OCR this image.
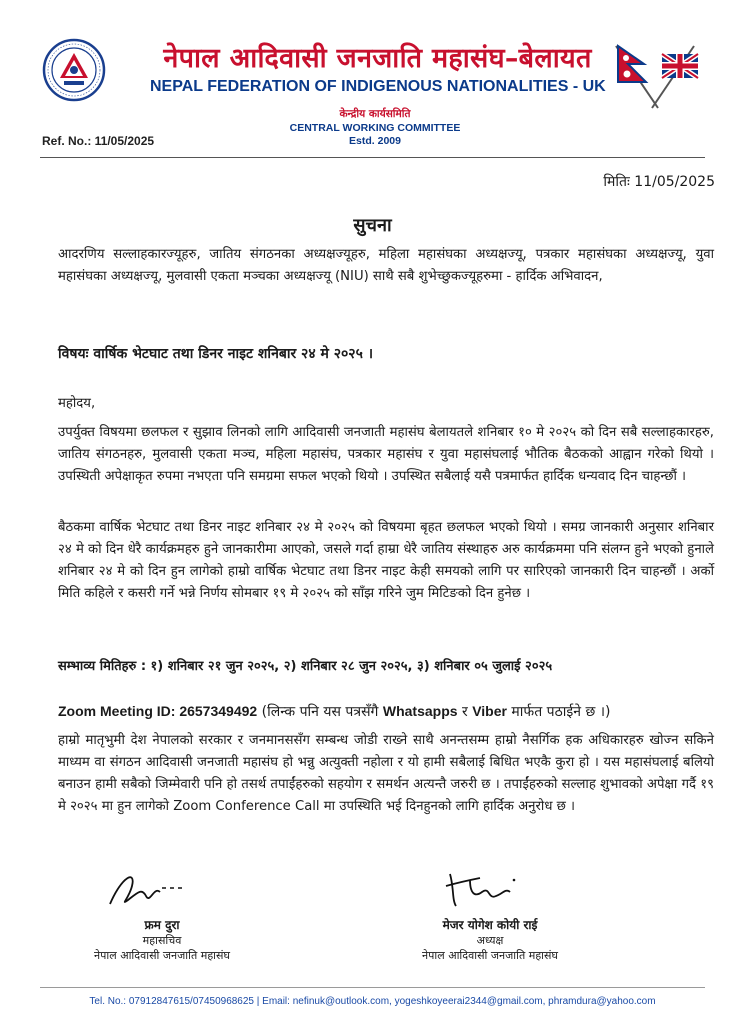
नेपाल आदिवासी जनजाति महासंघ–बेलायत
NEPAL FEDERATION OF INDIGENOUS NATIONALITIES - UK
केन्द्रीय कार्यसमिति
CENTRAL WORKING COMMITTEE
Estd. 2009
Ref. No.: 11/05/2025
मितिः 11/05/2025
सुचना

आदरणिय सल्लाहकारज्यूहरु, जातिय संगठनका अध्यक्षज्यूहरु, महिला महासंघका अध्यक्षज्यू, पत्रकार महासंघका अध्यक्षज्यू, युवा महासंघका अध्यक्षज्यू, मुलवासी एकता मञ्चका अध्यक्षज्यू (NIU) साथै सबै शुभेच्छुकज्यूहरुमा - हार्दिक अभिवादन,

विषयः वार्षिक भेटघाट तथा डिनर नाइट शनिबार २४ मे २०२५ ।
महोदय,

उपर्युक्त विषयमा छलफल र सुझाव लिनको लागि आदिवासी जनजाती महासंघ बेलायतले शनिबार १० मे २०२५ को दिन सबै सल्लाहकारहरु, जातिय संगठनहरु, मुलवासी एकता मञ्च, महिला महासंघ, पत्रकार महासंघ र युवा महासंघलाई भौतिक बैठकको आह्वान गरेको थियो । उपस्थिती अपेक्षाकृत रुपमा नभएता पनि समग्रमा सफल भएको थियो । उपस्थित सबैलाई यसै पत्रमार्फत हार्दिक धन्यवाद दिन चाहन्छौं ।

बैठकमा वार्षिक भेटघाट तथा डिनर नाइट शनिबार २४ मे २०२५ को विषयमा बृहत छलफल भएको थियो । समग्र जानकारी अनुसार शनिबार २४ मे को दिन धेरै कार्यक्रमहरु हुने जानकारीमा आएको, जसले गर्दा हाम्रा धेरै जातिय संस्थाहरु अरु कार्यक्रममा पनि संलग्न हुने भएको हुनाले शनिबार २४ मे को दिन हुन लागेको हाम्रो वार्षिक भेटघाट तथा डिनर नाइट केही समयको लागि पर सारिएको जानकारी दिन चाहन्छौं । अर्को मिति कहिले र कसरी गर्ने भन्ने निर्णय सोमबार १९ मे २०२५ को साँझ गरिने जुम मिटिङको दिन हुनेछ ।

सम्भाव्य मितिहरु : १) शनिबार २१ जुन २०२५, २) शनिबार २८ जुन २०२५, ३) शनिबार ०५ जुलाई २०२५
Zoom Meeting ID: 2657349492 (लिन्क पनि यस पत्रसँगै Whatsapps र Viber मार्फत पठाईने छ ।)

हाम्रो मातृभुमी देश नेपालको सरकार र जनमानससँग सम्बन्ध जोडी राख्ने साथै अनन्तसम्म हाम्रो नैसर्गिक हक अधिकारहरु खोज्न सकिने माध्यम वा संगठन आदिवासी जनजाती महासंघ हो भन्नु अत्युक्ती नहोला र यो हामी सबैलाई बिधित भएकै कुरा हो । यस महासंघलाई बलियो बनाउन हामी सबैको जिम्मेवारी पनि हो तसर्थ तपाईंहरुको सहयोग र समर्थन अत्यन्तै जरुरी छ । तपाईंहरुको सल्लाह शुभावको अपेक्षा गर्दै १९ मे २०२५ मा हुन लागेको Zoom Conference Call मा उपस्थिति भई दिनहुनको लागि हार्दिक अनुरोध छ ।

फ्रम दुरा
महासचिव
नेपाल आदिवासी जनजाति महासंघ
मेजर योगेश कोयी राई
अध्यक्ष
नेपाल आदिवासी जनजाति महासंघ
Tel. No.: 07912847615/07450968625 | Email: nefinuk@outlook.com, yogeshkoyeerai2344@gmail.com, phramdura@yahoo.com
